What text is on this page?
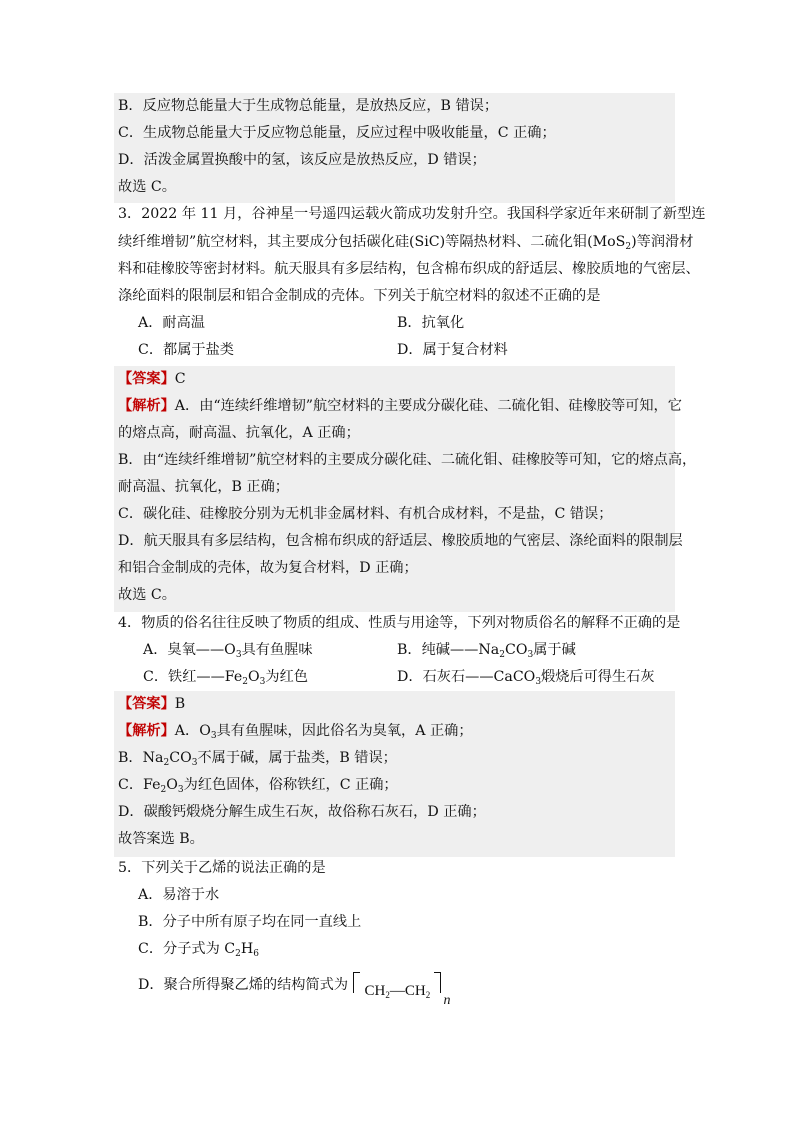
B．反应物总能量大于生成物总能量，是放热反应，B 错误；
C．生成物总能量大于反应物总能量，反应过程中吸收能量，C 正确；
D．活泼金属置换酸中的氢，该反应是放热反应，D 错误；
故选 C。
3．2022 年 11 月，谷神星一号遥四运载火箭成功发射升空。我国科学家近年来研制了新型连
续纤维增韧”航空材料，其主要成分包括碳化硅(SiC)等隔热材料、二硫化钼(MoS$_2$)等润滑材
料和硅橡胶等密封材料。航天服具有多层结构，包含棉布织成的舒适层、橡胶质地的气密层、
涤纶面料的限制层和铝合金制成的壳体。下列关于航空材料的叙述不正确的是
A．耐高温	B．抗氧化
C．都属于盐类	D．属于复合材料
【答案】C
【解析】A．由“连续纤维增韧”航空材料的主要成分碳化硅、二硫化钼、硅橡胶等可知，它
的熔点高，耐高温、抗氧化，A 正确；
B．由“连续纤维增韧”航空材料的主要成分碳化硅、二硫化钼、硅橡胶等可知，它的熔点高，
耐高温、抗氧化，B 正确；
C．碳化硅、硅橡胶分别为无机非金属材料、有机合成材料，不是盐，C 错误；
D．航天服具有多层结构，包含棉布织成的舒适层、橡胶质地的气密层、涤纶面料的限制层
和铝合金制成的壳体，故为复合材料，D 正确；
故选 C。
4．物质的俗名往往反映了物质的组成、性质与用途等，下列对物质俗名的解释不正确的是
A．臭氧$——O_3$具有鱼腥味	B．纯碱$——Na_2CO_3$属于碱
C．铁红$——Fe_2O_3$为红色	D．石灰石——CaCO$_3$煅烧后可得生石灰
【答案】B
【解析】A．$O_3$具有鱼腥味，因此俗名为臭氧，A 正确；
B．$Na_2CO_3$不属于碱，属于盐类，B 错误；
C．$Fe_2O_3$为红色固体，俗称铁红，C 正确；
D．碳酸钙煅烧分解生成生石灰，故俗称石灰石，D 正确；
故答案选 B。
5．下列关于乙烯的说法正确的是
A．易溶于水
B．分子中所有原子均在同一直线上
C．分子式为 $C_2H_6$
D．聚合所得聚乙烯的结构简式为 $CH_2—CH_2$ n
